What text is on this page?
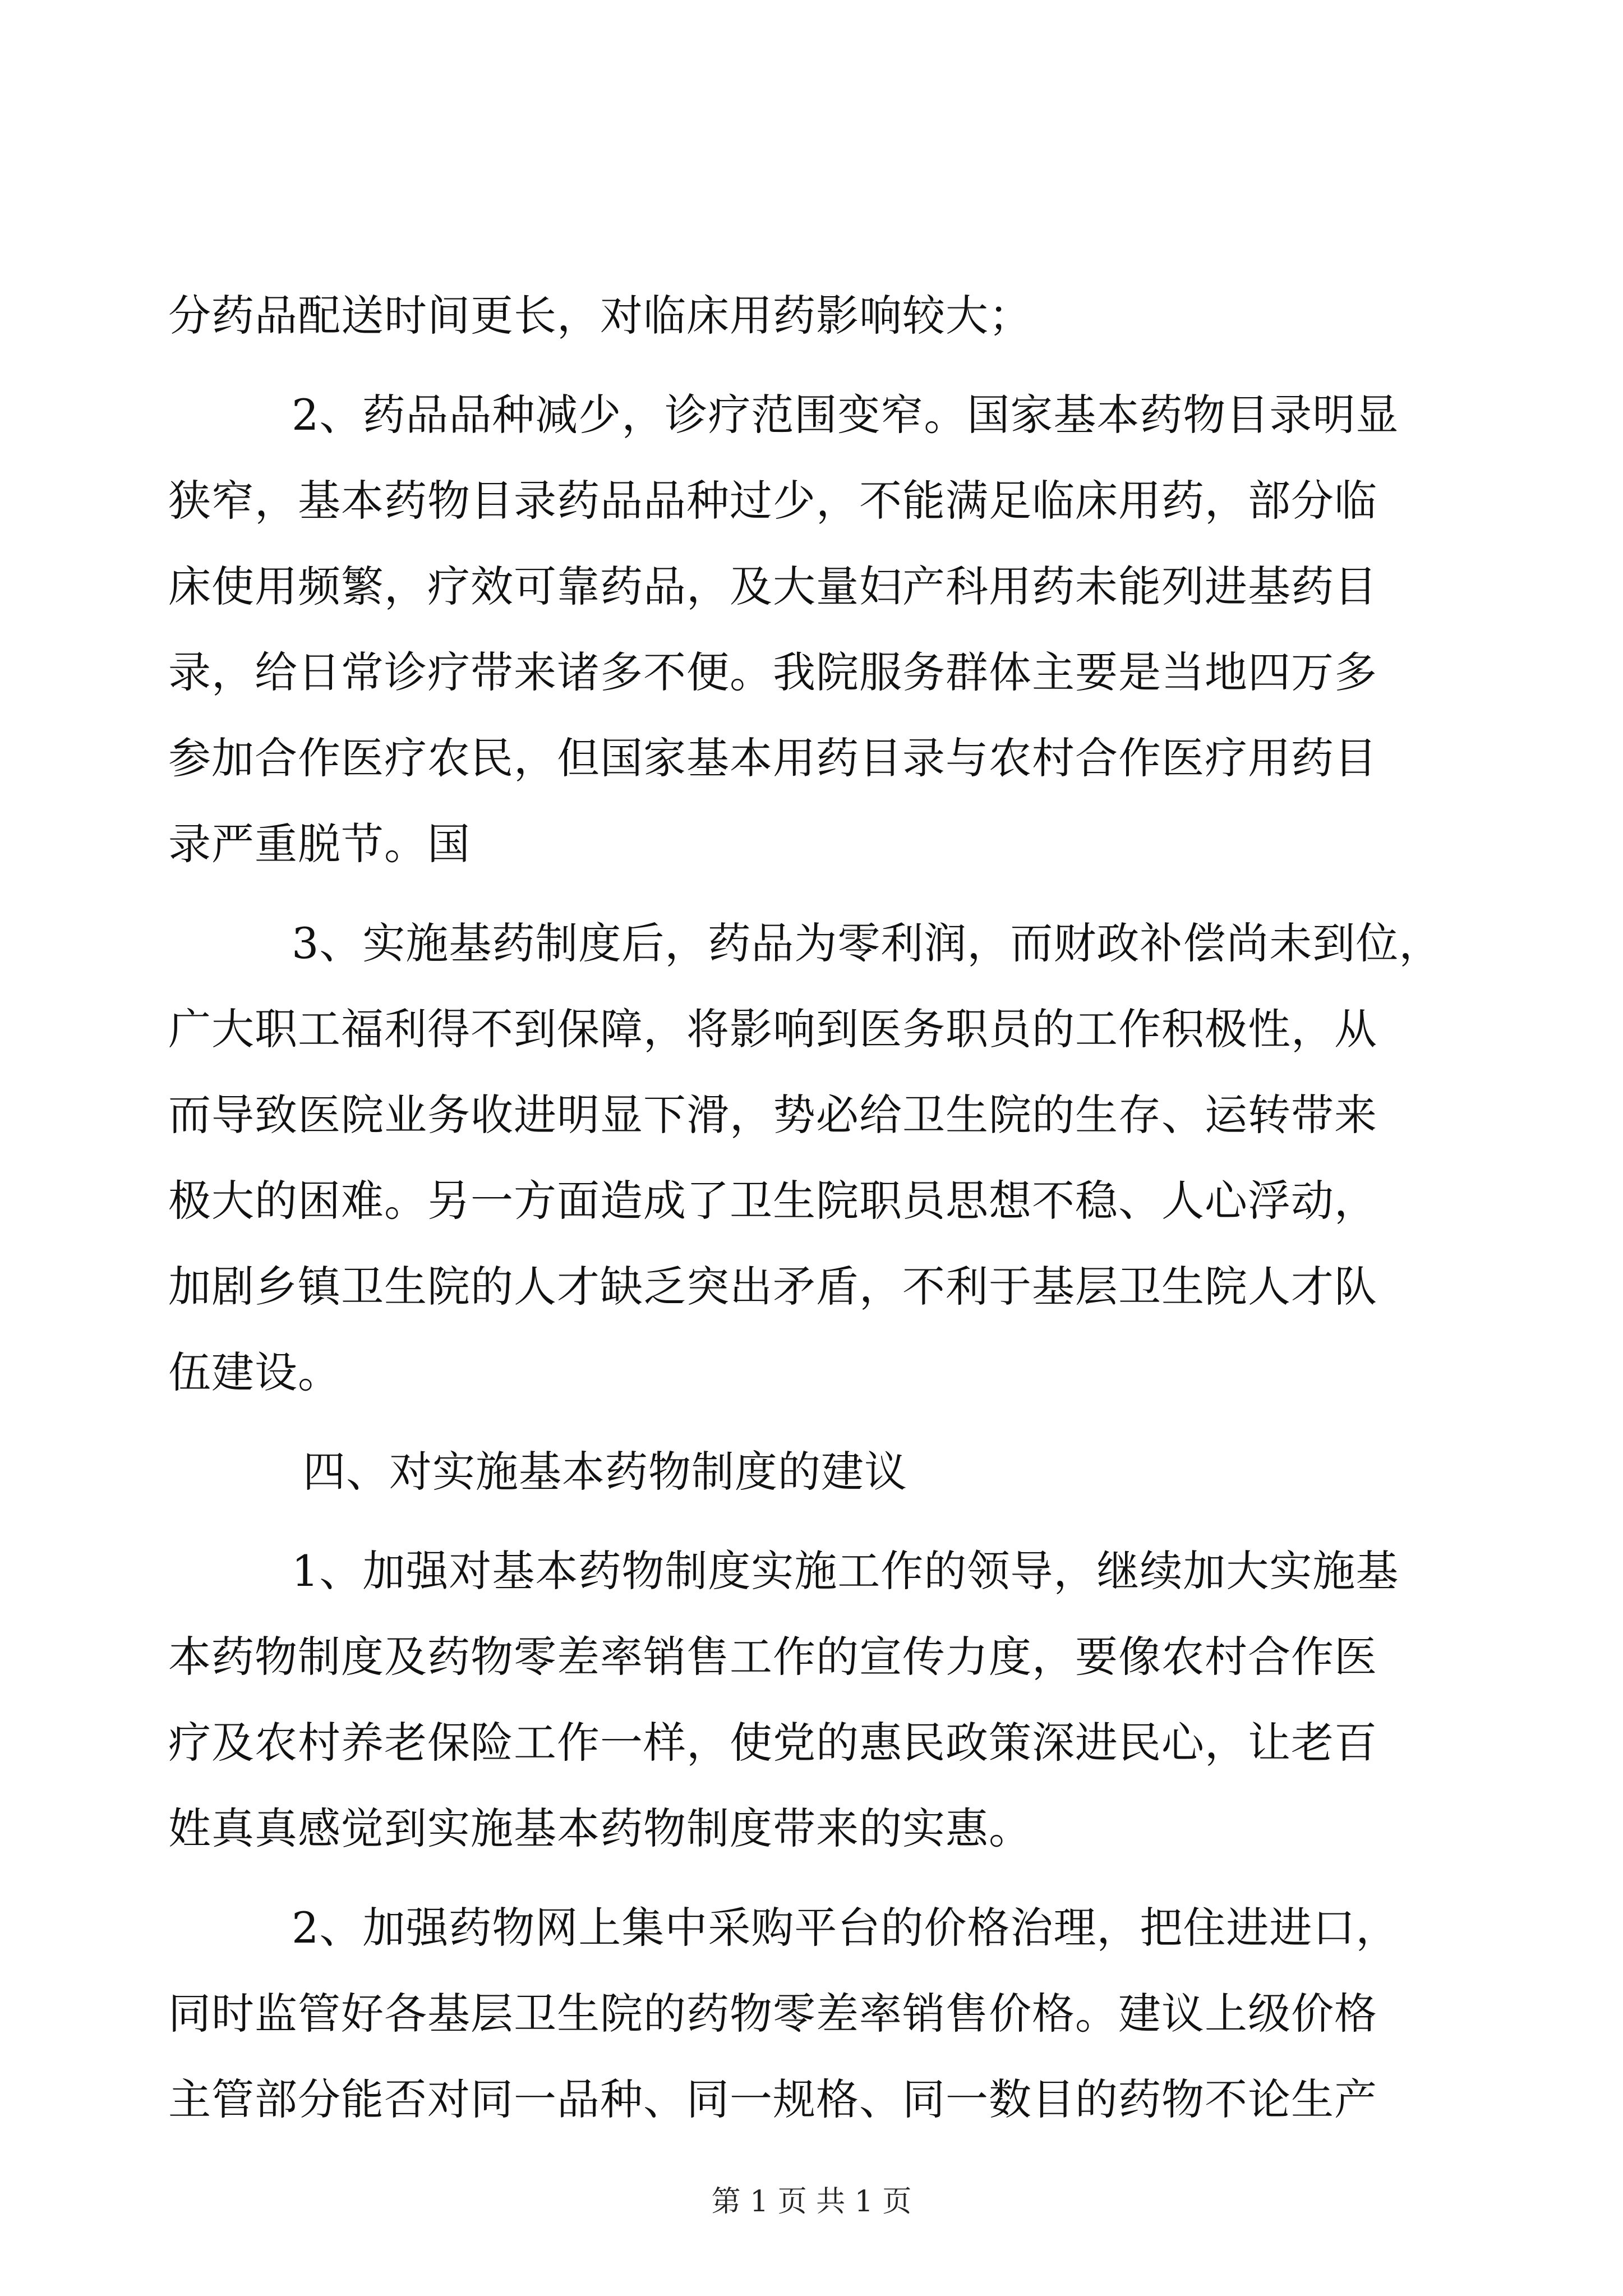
分药品配送时间更长，对临床用药影响较大；
2、药品品种减少，诊疗范围变窄。国家基本药物目录明显
狭窄，基本药物目录药品品种过少，不能满足临床用药，部分临
床使用频繁，疗效可靠药品，及大量妇产科用药未能列进基药目
录，给日常诊疗带来诸多不便。我院服务群体主要是当地四万多
参加合作医疗农民，但国家基本用药目录与农村合作医疗用药目
录严重脱节。国
3、实施基药制度后，药品为零利润，而财政补偿尚未到位，
广大职工福利得不到保障，将影响到医务职员的工作积极性，从
而导致医院业务收进明显下滑，势必给卫生院的生存、运转带来
极大的困难。另一方面造成了卫生院职员思想不稳、人心浮动，
加剧乡镇卫生院的人才缺乏突出矛盾，不利于基层卫生院人才队
伍建设。
四、对实施基本药物制度的建议
1、加强对基本药物制度实施工作的领导，继续加大实施基
本药物制度及药物零差率销售工作的宣传力度，要像农村合作医
疗及农村养老保险工作一样，使党的惠民政策深进民心，让老百
姓真真感觉到实施基本药物制度带来的实惠。
2、加强药物网上集中采购平台的价格治理，把住进进口，
同时监管好各基层卫生院的药物零差率销售价格。建议上级价格
主管部分能否对同一品种、同一规格、同一数目的药物不论生产
第 1 页 共 1 页
